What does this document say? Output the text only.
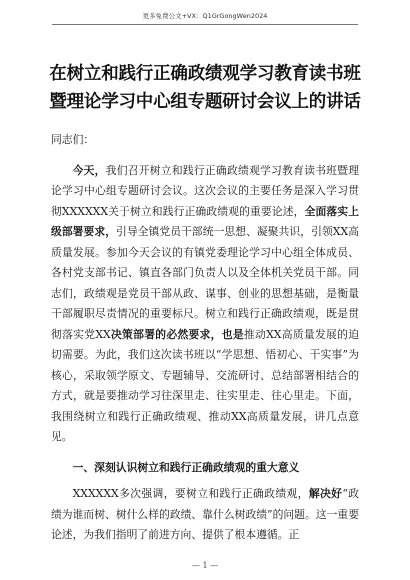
更多免费公文+VX：Q1GrGongWen2024
在树立和践行正确政绩观学习教育读书班
暨理论学习中心组专题研讨会议上的讲话

同志们：

今天，我们召开树立和践行正确政绩观学习教育读书班暨理论学习中心组专题研讨会议。这次会议的主要任务是深入学习贯彻XXXXXX关于树立和践行正确政绩观的重要论述，全面落实上级部署要求，引导全镇党员干部统一思想、凝聚共识，引领XX高质量发展。参加今天会议的有镇党委理论学习中心组全体成员、各村党支部书记、镇直各部门负责人以及全体机关党员干部。同志们，政绩观是党员干部从政、谋事、创业的思想基础，是衡量干部履职尽责情况的重要标尺。树立和践行正确政绩观，既是贯彻落实党XX决策部署的必然要求，也是推动XX高质量发展的迫切需要。为此，我们这次读书班以“学思想、悟初心、干实事”为核心，采取领学原文、专题辅导、交流研讨、总结部署相结合的方式，就是要推动学习往深里走、往实里走、往心里走。下面，我围绕树立和践行正确政绩观、推动XX高质量发展，讲几点意见。

一、深刻认识树立和践行正确政绩观的重大意义

XXXXXX多次强调，要树立和践行正确政绩观，解决好“政绩为谁而树、树什么样的政绩、靠什么树政绩”的问题。这一重要论述，为我们指明了前进方向、提供了根本遵循。正

— 1 —
